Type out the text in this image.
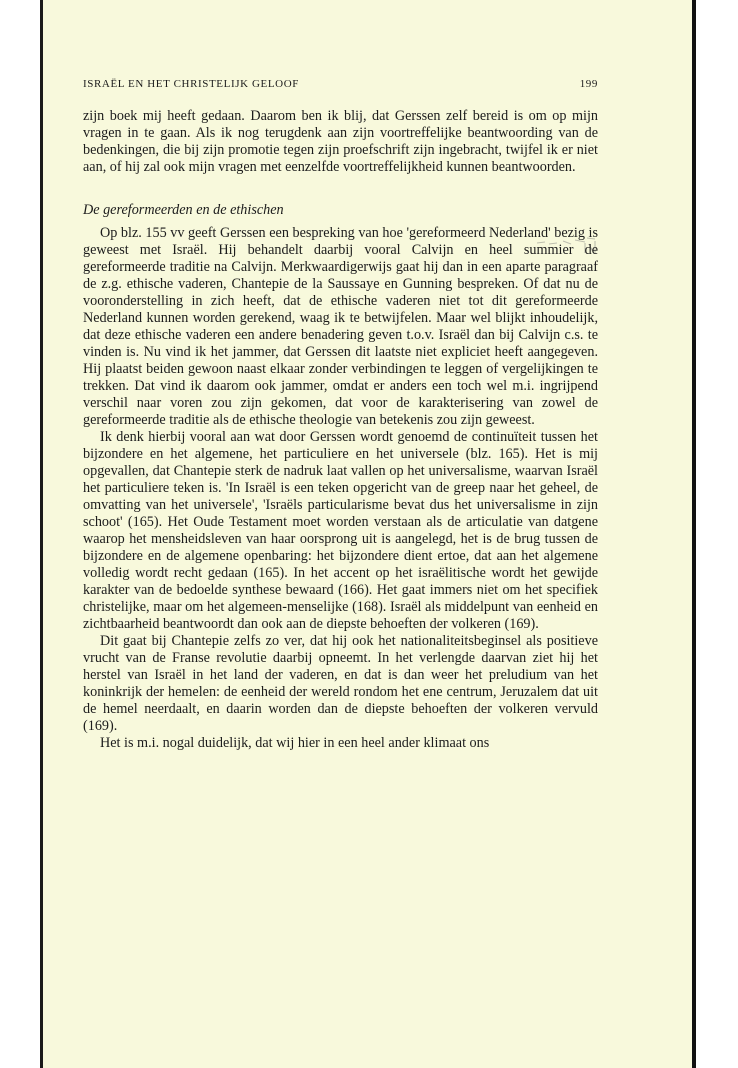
ISRAËL EN HET CHRISTELIJK GELOOF	199

zijn boek mij heeft gedaan. Daarom ben ik blij, dat Gerssen zelf bereid is om op mijn vragen in te gaan. Als ik nog terugdenk aan zijn voortreffelijke beantwoording van de bedenkingen, die bij zijn promotie tegen zijn proefschrift zijn ingebracht, twijfel ik er niet aan, of hij zal ook mijn vragen met eenzelfde voortreffelijkheid kunnen beantwoorden.

De gereformeerden en de ethischen

Op blz. 155 vv geeft Gerssen een bespreking van hoe 'gereformeerd Nederland' bezig is geweest met Israël. Hij behandelt daarbij vooral Calvijn en heel summier de gereformeerde traditie na Calvijn. Merkwaardigerwijs gaat hij dan in een aparte paragraaf de z.g. ethische vaderen, Chantepie de la Saussaye en Gunning bespreken. Of dat nu de vooronderstelling in zich heeft, dat de ethische vaderen niet tot dit gereformeerde Nederland kunnen worden gerekend, waag ik te betwijfelen. Maar wel blijkt inhoudelijk, dat deze ethische vaderen een andere benadering geven t.o.v. Israël dan bij Calvijn c.s. te vinden is. Nu vind ik het jammer, dat Gerssen dit laatste niet expliciet heeft aangegeven. Hij plaatst beiden gewoon naast elkaar zonder verbindingen te leggen of vergelijkingen te trekken. Dat vind ik daarom ook jammer, omdat er anders een toch wel m.i. ingrijpend verschil naar voren zou zijn gekomen, dat voor de karakterisering van zowel de gereformeerde traditie als de ethische theologie van betekenis zou zijn geweest.

Ik denk hierbij vooral aan wat door Gerssen wordt genoemd de continuïteit tussen het bijzondere en het algemene, het particuliere en het universele (blz. 165). Het is mij opgevallen, dat Chantepie sterk de nadruk laat vallen op het universalisme, waarvan Israël het particuliere teken is. 'In Israël is een teken opgericht van de greep naar het geheel, de omvatting van het universele', 'Israëls particularisme bevat dus het universalisme in zijn schoot' (165). Het Oude Testament moet worden verstaan als de articulatie van datgene waarop het mensheidsleven van haar oorsprong uit is aangelegd, het is de brug tussen de bijzondere en de algemene openbaring: het bijzondere dient ertoe, dat aan het algemene volledig wordt recht gedaan (165). In het accent op het israëlitische wordt het gewijde karakter van de bedoelde synthese bewaard (166). Het gaat immers niet om het specifiek christelijke, maar om het algemeen-menselijke (168). Israël als middelpunt van eenheid en zichtbaarheid beantwoordt dan ook aan de diepste behoeften der volkeren (169).

Dit gaat bij Chantepie zelfs zo ver, dat hij ook het nationaliteitsbeginsel als positieve vrucht van de Franse revolutie daarbij opneemt. In het verlengde daarvan ziet hij het herstel van Israël in het land der vaderen, en dat is dan weer het preludium van het koninkrijk der hemelen: de eenheid der wereld rondom het ene centrum, Jeruzalem dat uit de hemel neerdaalt, en daarin worden dan de diepste behoeften der volkeren vervuld (169).

Het is m.i. nogal duidelijk, dat wij hier in een heel ander klimaat ons
